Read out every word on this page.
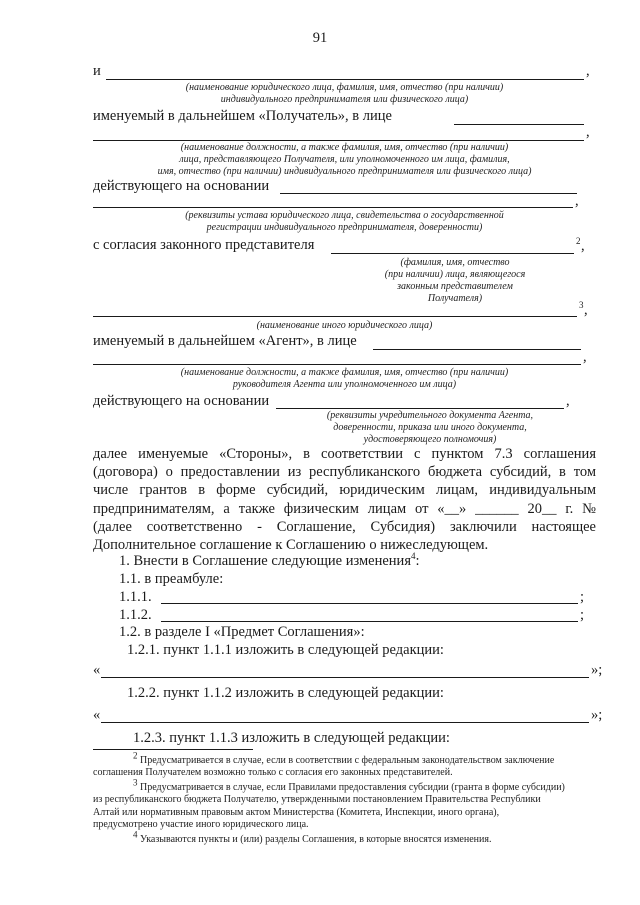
91
и	,
(наименование юридического лица, фамилия, имя, отчество (при наличии)
индивидуального предпринимателя или физического лица)
именуемый в дальнейшем «Получатель», в лице
,
(наименование должности, а также фамилия, имя, отчество (при наличии)
лица, представляющего Получателя, или уполномоченного им лица, фамилия,
имя, отчество (при наличии) индивидуального предпринимателя или физического лица)
действующего на основании
,
(реквизиты устава юридического лица, свидетельства о государственной
регистрации индивидуального предпринимателя, доверенности)
с согласия законного представителя	2 ,
(фамилия, имя, отчество
(при наличии) лица, являющегося
законным представителем
Получателя)
3 ,
(наименование иного юридического лица)
именуемый в дальнейшем «Агент», в лице
,
(наименование должности, а также фамилия, имя, отчество (при наличии)
руководителя Агента или уполномоченного им лица)
действующего на основании	,
(реквизиты учредительного документа Агента,
доверенности, приказа или иного документа,
удостоверяющего полномочия)
далее именуемые «Стороны», в соответствии с пунктом 7.3 соглашения
(договора) о предоставлении из республиканского бюджета субсидий, в том
числе грантов в форме субсидий, юридическим лицам, индивидуальным
предпринимателям, а также физическим лицам от «__» ______ 20__ г. №
(далее соответственно - Соглашение, Субсидия) заключили настоящее
Дополнительное соглашение к Соглашению о нижеследующем.
1. Внести в Соглашение следующие изменения$^4$:
1.1. в преамбуле:
1.1.1.	;
1.1.2.	;
1.2. в разделе I «Предмет Соглашения»:
1.2.1. пункт 1.1.1 изложить в следующей редакции:
«	»;
1.2.2. пункт 1.1.2 изложить в следующей редакции:
«	»;
1.2.3. пункт 1.1.3 изложить в следующей редакции:
2 Предусматривается в случае, если в соответствии с федеральным законодательством заключение
соглашения Получателем возможно только с согласия его законных представителей.
3 Предусматривается в случае, если Правилами предоставления субсидии (гранта в форме субсидии)
из республиканского бюджета Получателю, утвержденными постановлением Правительства Республики
Алтай или нормативным правовым актом Министерства (Комитета, Инспекции, иного органа),
предусмотрено участие иного юридического лица.
4 Указываются пункты и (или) разделы Соглашения, в которые вносятся изменения.
